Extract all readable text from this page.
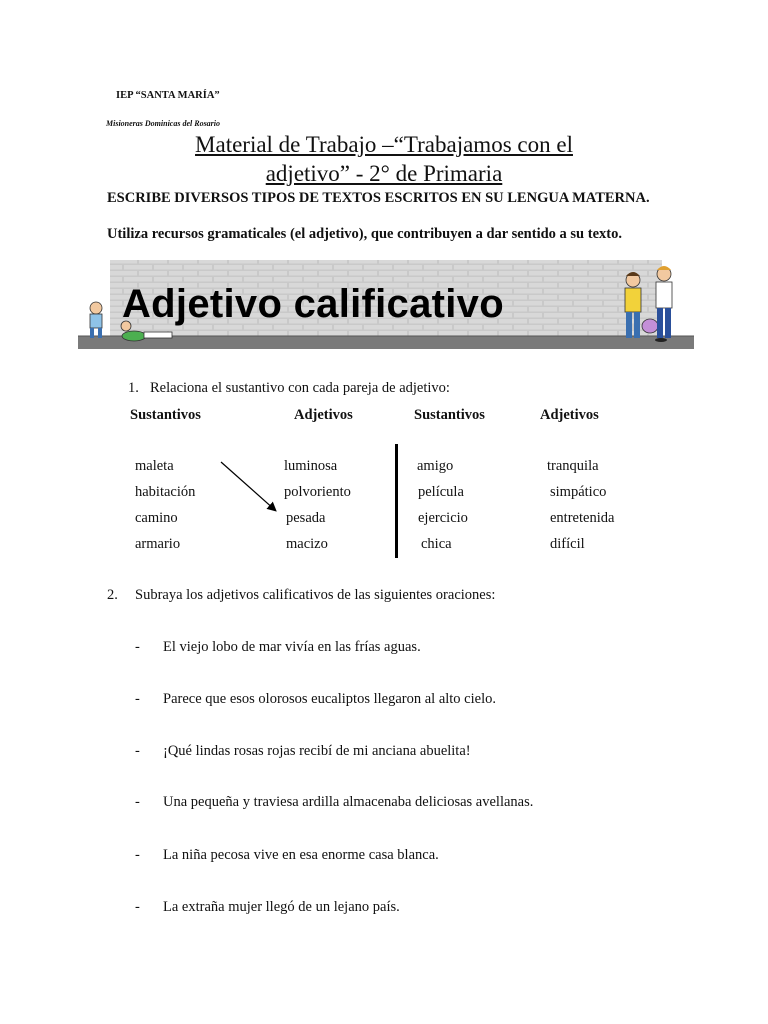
IEP “SANTA MARÍA”
Misioneras Dominicas del Rosario
Material de Trabajo –“Trabajamos con el
adjetivo” - 2° de Primaria
ESCRIBE DIVERSOS TIPOS DE TEXTOS ESCRITOS EN SU LENGUA MATERNA.
Utiliza recursos gramaticales (el adjetivo), que contribuyen a dar sentido a su texto.
Adjetivo calificativo
1. Relaciona el sustantivo con cada pareja de adjetivo:
Sustantivos	Adjetivos	Sustantivos	Adjetivos
maleta	luminosa	amigo	tranquila
habitación	polvoriento	película	simpático
camino	pesada	ejercicio	entretenida
armario	macizo	chica	difícil
2. Subraya los adjetivos calificativos de las siguientes oraciones:
- El viejo lobo de mar vivía en las frías aguas.
- Parece que esos olorosos eucaliptos llegaron al alto cielo.
- ¡Qué lindas rosas rojas recibí de mi anciana abuelita!
- Una pequeña y traviesa ardilla almacenaba deliciosas avellanas.
- La niña pecosa vive en esa enorme casa blanca.
- La extraña mujer llegó de un lejano país.
